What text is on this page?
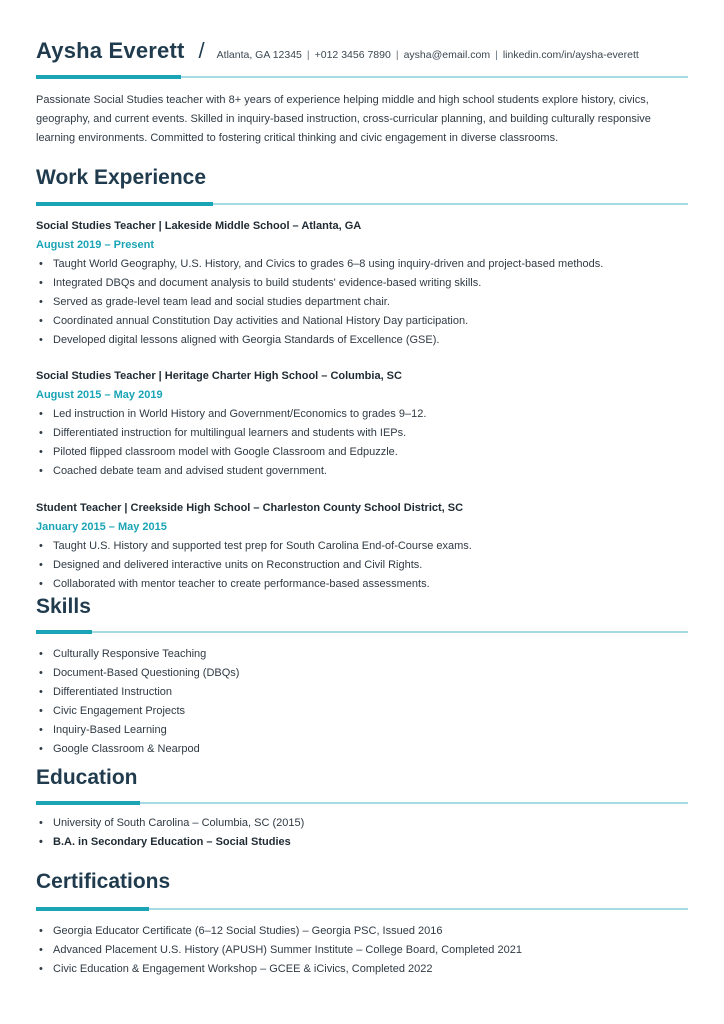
Aysha Everett / Atlanta, GA 12345 | +012 3456 7890 | aysha@email.com | linkedin.com/in/aysha-everett
Passionate Social Studies teacher with 8+ years of experience helping middle and high school students explore history, civics, geography, and current events. Skilled in inquiry-based instruction, cross-curricular planning, and building culturally responsive learning environments. Committed to fostering critical thinking and civic engagement in diverse classrooms.
Work Experience
Social Studies Teacher | Lakeside Middle School – Atlanta, GA
August 2019 – Present
• Taught World Geography, U.S. History, and Civics to grades 6–8 using inquiry-driven and project-based methods.
• Integrated DBQs and document analysis to build students' evidence-based writing skills.
• Served as grade-level team lead and social studies department chair.
• Coordinated annual Constitution Day activities and National History Day participation.
• Developed digital lessons aligned with Georgia Standards of Excellence (GSE).
Social Studies Teacher | Heritage Charter High School – Columbia, SC
August 2015 – May 2019
• Led instruction in World History and Government/Economics to grades 9–12.
• Differentiated instruction for multilingual learners and students with IEPs.
• Piloted flipped classroom model with Google Classroom and Edpuzzle.
• Coached debate team and advised student government.
Student Teacher | Creekside High School – Charleston County School District, SC
January 2015 – May 2015
• Taught U.S. History and supported test prep for South Carolina End-of-Course exams.
• Designed and delivered interactive units on Reconstruction and Civil Rights.
• Collaborated with mentor teacher to create performance-based assessments.
Skills
• Culturally Responsive Teaching
• Document-Based Questioning (DBQs)
• Differentiated Instruction
• Civic Engagement Projects
• Inquiry-Based Learning
• Google Classroom & Nearpod
Education
• University of South Carolina – Columbia, SC (2015)
• B.A. in Secondary Education – Social Studies
Certifications
• Georgia Educator Certificate (6–12 Social Studies) – Georgia PSC, Issued 2016
• Advanced Placement U.S. History (APUSH) Summer Institute – College Board, Completed 2021
• Civic Education & Engagement Workshop – GCEE & iCivics, Completed 2022
